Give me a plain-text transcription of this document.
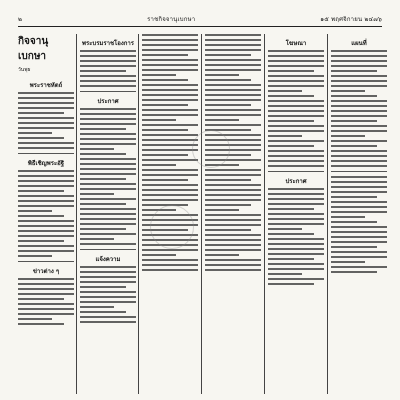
๒	ราชกิจจานุเบกษา	๑๕ พฤศจิกายน ๒๔๗๖
กิจจานุเบกษา
วันพุธ
พระราชหัตถ์
พิธีเชิญพระอัฐิ
ข่าวต่าง ๆ
พระบรมราชโองการ
ประกาศ
แจ้งความ
โฆษณา
ประกาศ
แผนที่
